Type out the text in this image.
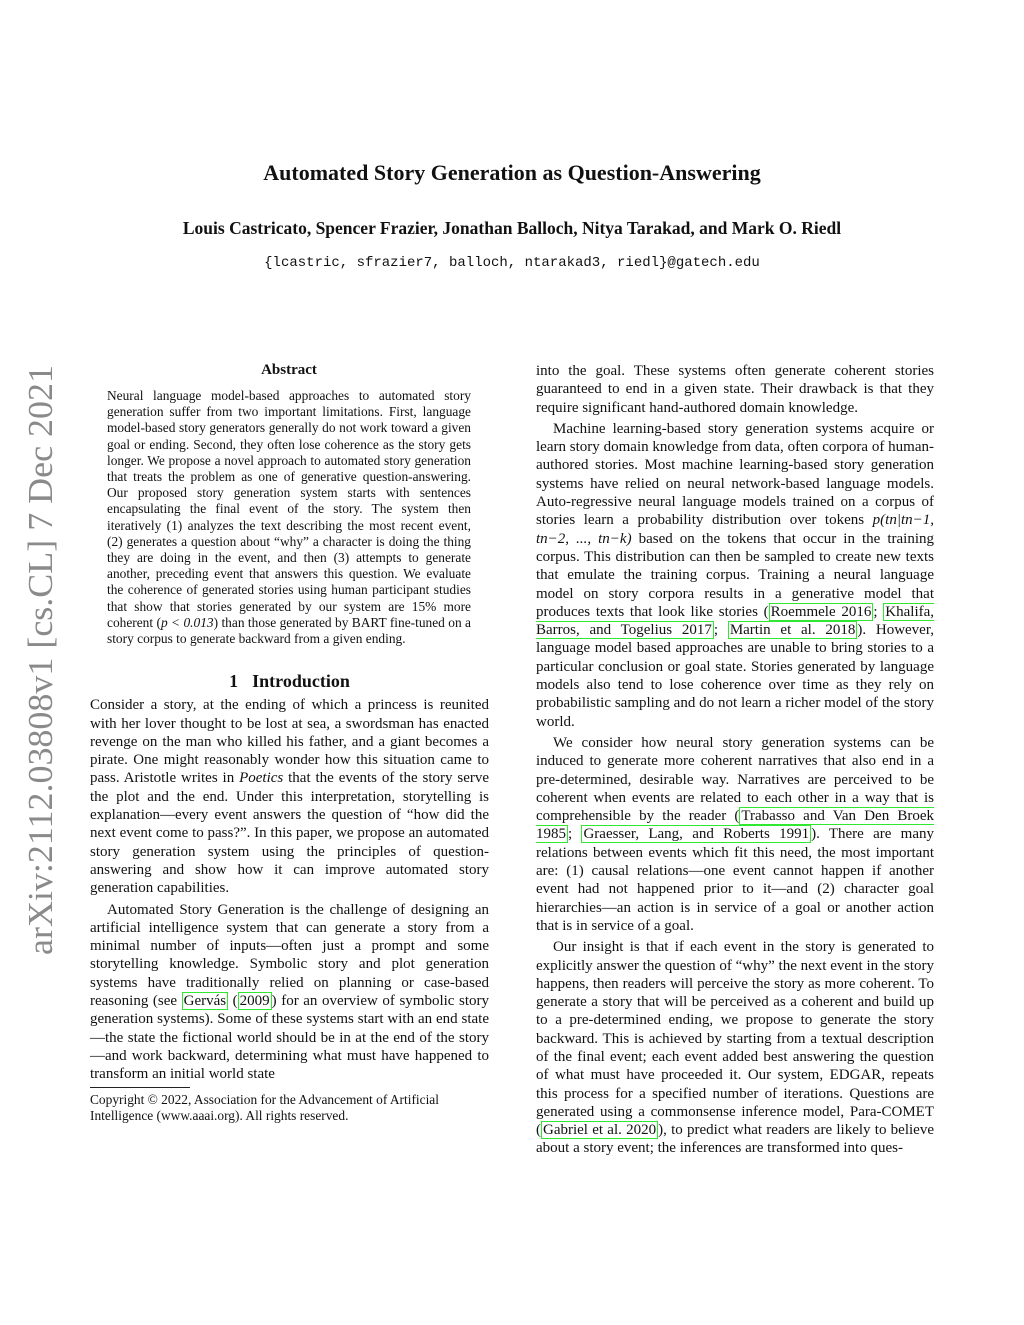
arXiv:2112.03808v1 [cs.CL] 7 Dec 2021
Automated Story Generation as Question-Answering
Louis Castricato, Spencer Frazier, Jonathan Balloch, Nitya Tarakad, and Mark O. Riedl
{lcastric, sfrazier7, balloch, ntarakad3, riedl}@gatech.edu
Abstract

Neural language model-based approaches to automated story generation suffer from two important limitations. First, language model-based story generators generally do not work toward a given goal or ending. Second, they often lose coherence as the story gets longer. We propose a novel approach to automated story generation that treats the problem as one of generative question-answering. Our proposed story generation system starts with sentences encapsulating the final event of the story. The system then iteratively (1) analyzes the text describing the most recent event, (2) generates a question about “why” a character is doing the thing they are doing in the event, and then (3) attempts to generate another, preceding event that answers this question. We evaluate the coherence of generated stories using human participant studies that show that stories generated by our system are 15% more coherent (p < 0.013) than those generated by BART fine-tuned on a story corpus to generate backward from a given ending.

1 Introduction

Consider a story, at the ending of which a princess is reunited with her lover thought to be lost at sea, a swordsman has enacted revenge on the man who killed his father, and a giant becomes a pirate. One might reasonably wonder how this situation came to pass. Aristotle writes in Poetics that the events of the story serve the plot and the end. Under this interpretation, storytelling is explanation—every event answers the question of “how did the next event come to pass?”. In this paper, we propose an automated story generation system using the principles of question-answering and show how it can improve automated story generation capabilities.

Automated Story Generation is the challenge of designing an artificial intelligence system that can generate a story from a minimal number of inputs—often just a prompt and some storytelling knowledge. Symbolic story and plot generation systems have traditionally relied on planning or case-based reasoning (see Gervás ( 2009 ) for an overview of symbolic story generation systems). Some of these systems start with an end state—the state the fictional world should be in at the end of the story—and work backward, determining what must have happened to transform an initial world state

Copyright © 2022, Association for the Advancement of Artificial Intelligence (www.aaai.org). All rights reserved.

into the goal. These systems often generate coherent stories guaranteed to end in a given state. Their drawback is that they require significant hand-authored domain knowledge.

Machine learning-based story generation systems acquire or learn story domain knowledge from data, often corpora of human-authored stories. Most machine learning-based story generation systems have relied on neural network-based language models. Auto-regressive neural language models trained on a corpus of stories learn a probability distribution over tokens p(tn|tn−1, tn−2, ..., tn−k) based on the tokens that occur in the training corpus. This distribution can then be sampled to create new texts that emulate the training corpus. Training a neural language model on story corpora results in a generative model that produces texts that look like stories ( Roemmele 2016 ; Khalifa, Barros, and Togelius 2017 ; Martin et al. 2018 ). However, language model based approaches are unable to bring stories to a particular conclusion or goal state. Stories generated by language models also tend to lose coherence over time as they rely on probabilistic sampling and do not learn a richer model of the story world.

We consider how neural story generation systems can be induced to generate more coherent narratives that also end in a pre-determined, desirable way. Narratives are perceived to be coherent when events are related to each other in a way that is comprehensible by the reader ( Trabasso and Van Den Broek 1985 ; Graesser, Lang, and Roberts 1991 ). There are many relations between events which fit this need, the most important are: (1) causal relations—one event cannot happen if another event had not happened prior to it—and (2) character goal hierarchies—an action is in service of a goal or another action that is in service of a goal.

Our insight is that if each event in the story is generated to explicitly answer the question of “why” the next event in the story happens, then readers will perceive the story as more coherent. To generate a story that will be perceived as a coherent and build up to a pre-determined ending, we propose to generate the story backward. This is achieved by starting from a textual description of the final event; each event added best answering the question of what must have proceeded it. Our system, EDGAR, repeats this process for a specified number of iterations. Questions are generated using a commonsense inference model, Para-COMET ( Gabriel et al. 2020 ), to predict what readers are likely to believe about a story event; the inferences are transformed into ques-
